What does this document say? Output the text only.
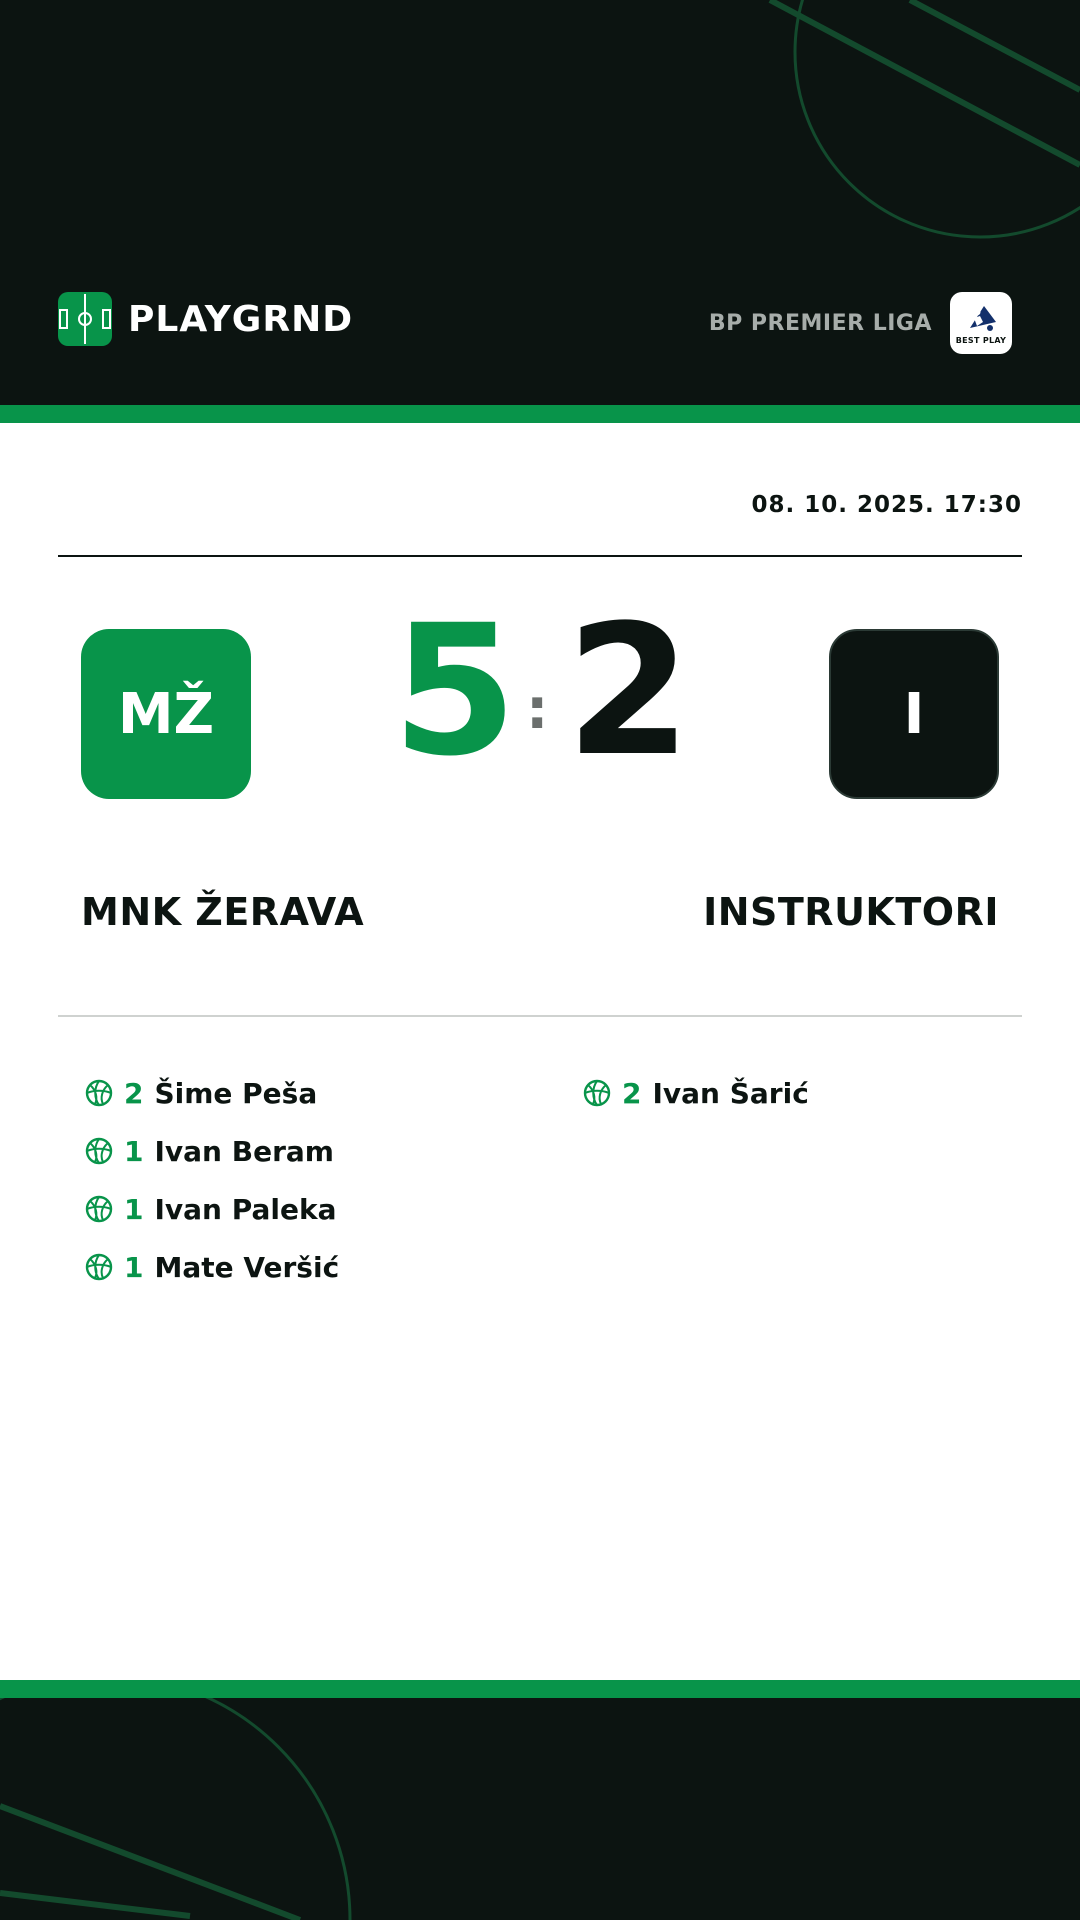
PLAYGRND	BP PREMIER LIGA
BEST PLAY
08. 10. 2025. 17:30
MŽ 5 : 2	I
MNK ŽERAVA	INSTRUKTORI
2 Šime Peša
1 Ivan Beram
1 Ivan Paleka
1 Mate Veršić
2 Ivan Šarić
